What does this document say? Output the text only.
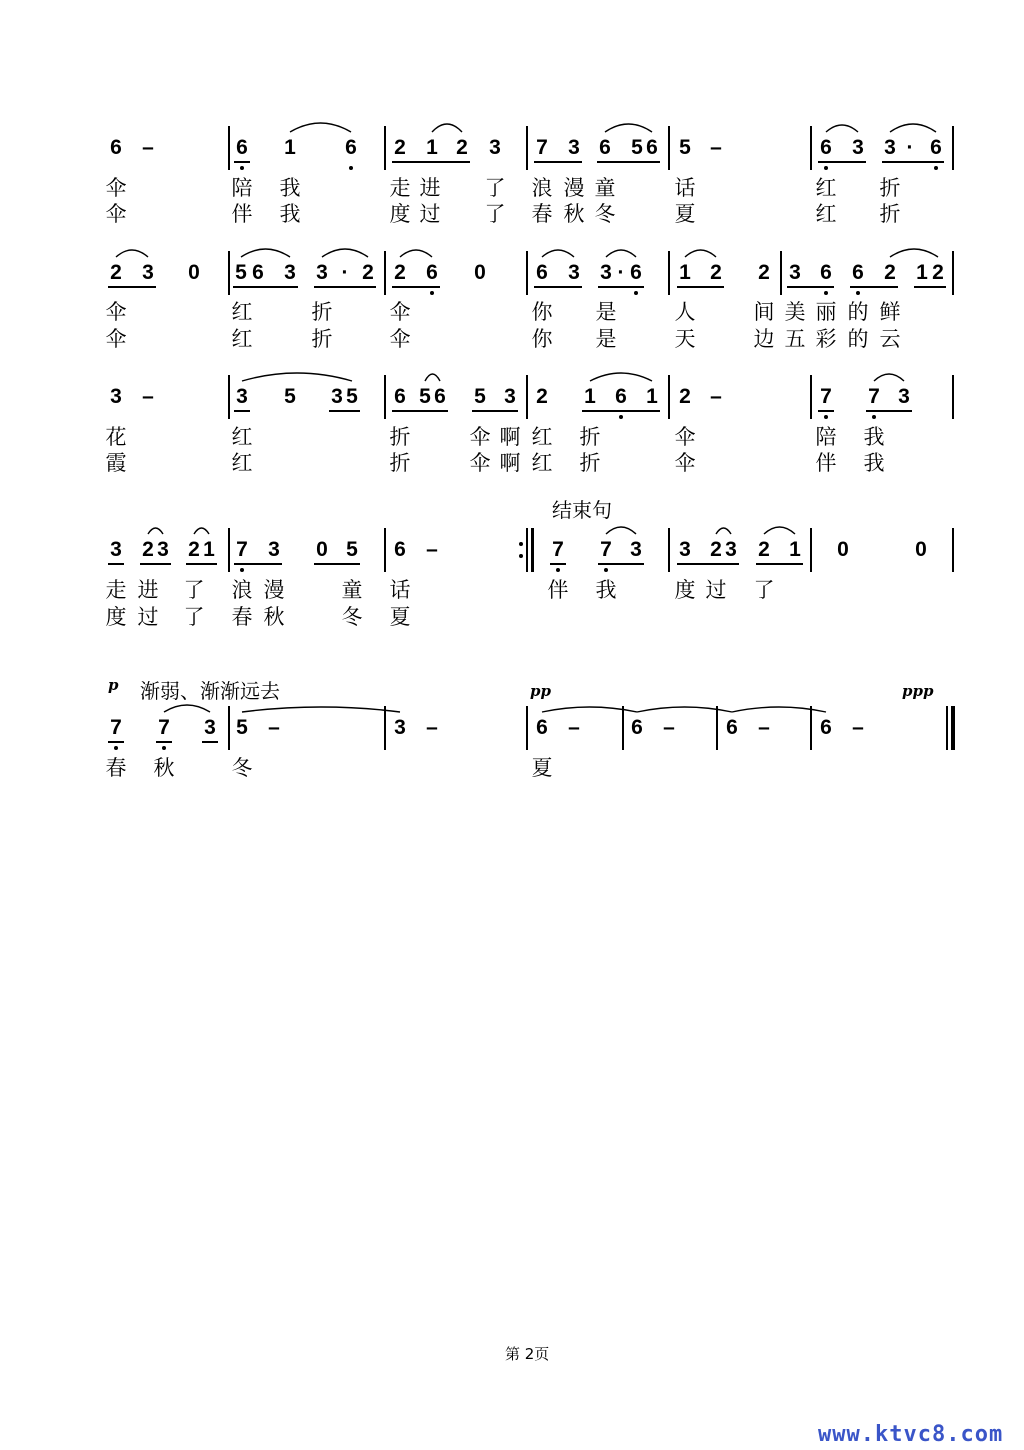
结束句
p 渐弱、渐渐远去	pp	ppp
第 2页
www.ktvc8.com
6 –	6 1 6 2 1 2 3 7 3 6 5 6 5 –	6 3 3 · 6
伞	陪 我	走 进 了 浪 漫 童	话	红 折
伞	伴 我	度 过 了 春 秋 冬	夏	红 折
2 3 0 5 6 3 3 · 2 2 6 0 6 3 3 · 6 1 2 2 3 6 6 2 1 2
伞	红	折	伞	你 是	人	间 美 丽 的 鲜
伞	红	折	伞	你 是	天	边 五 彩 的 云
3 –	3 5 3 5 6 5 6 5 3 2 1 6 1 2 –	7 7 3
花	红	折	伞 啊 红 折	伞	陪 我
霞	红	折	伞 啊 红 折	伞	伴 我
3 2 3 2 1 7 3 0 5 6 –	7 7 3 3 2 3 2 1 0	0
走 进 了 浪 漫	童 话	伴 我	度 过 了
度 过 了 春 秋	冬 夏
7 7 3 5 –	3 –	6 – 6 – 6 – 6 –
春 秋	冬	夏
